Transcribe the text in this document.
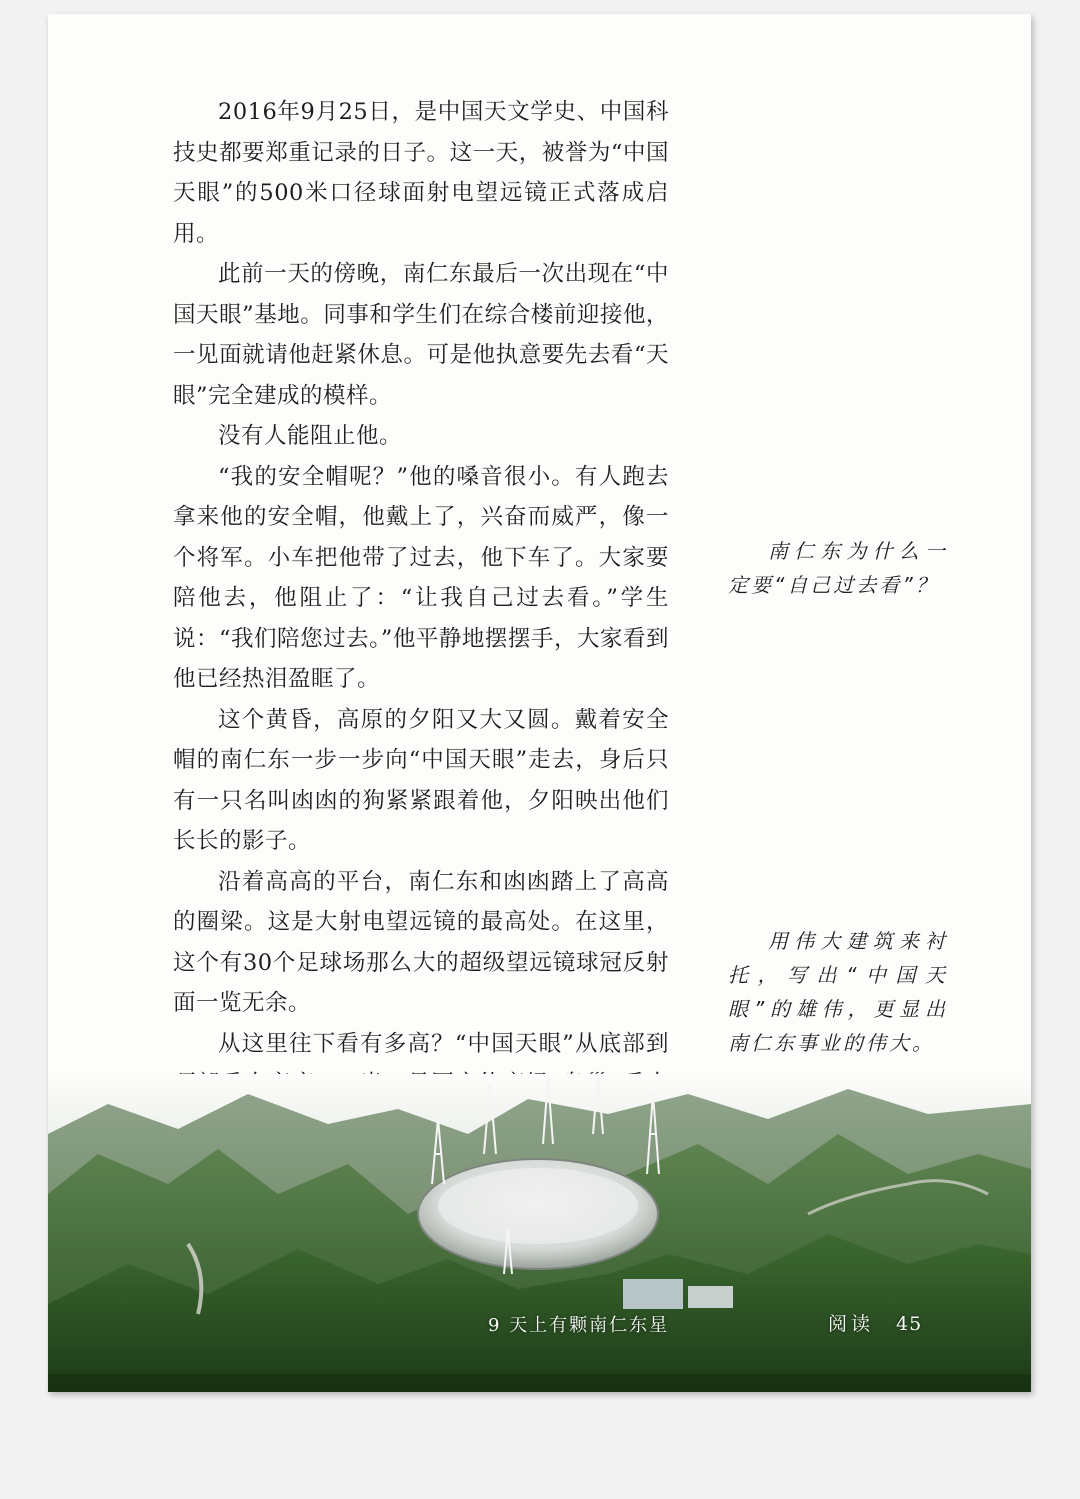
2016年9月25日，是中国天文学史、中国科技史都要郑重记录的日子。这一天，被誉为“中国天眼”的500米口径球面射电望远镜正式落成启用。

此前一天的傍晚，南仁东最后一次出现在“中国天眼”基地。同事和学生们在综合楼前迎接他，一见面就请他赶紧休息。可是他执意要先去看“天眼”完全建成的模样。

没有人能阻止他。

“我的安全帽呢？”他的嗓音很小。有人跑去拿来他的安全帽，他戴上了，兴奋而威严，像一个将军。小车把他带了过去，他下车了。大家要陪他去，他阻止了：“让我自己过去看。”学生说：“我们陪您过去。”他平静地摆摆手，大家看到他已经热泪盈眶了。

这个黄昏，高原的夕阳又大又圆。戴着安全帽的南仁东一步一步向“中国天眼”走去，身后只有一只名叫凼凼的狗紧紧跟着他，夕阳映出他们长长的影子。

沿着高高的平台，南仁东和凼凼踏上了高高的圈梁。这是大射电望远镜的最高处。在这里，这个有30个足球场那么大的超级望远镜球冠反射面一览无余。

从这里往下看有多高？“中国天眼”从底部到

南仁东为什么一定要“自己过去看”？

用伟大建筑来衬托，写出“中国天眼”的雄伟，更显出南仁东事业的伟大。

9 天上有颗南仁东星	阅读 45
